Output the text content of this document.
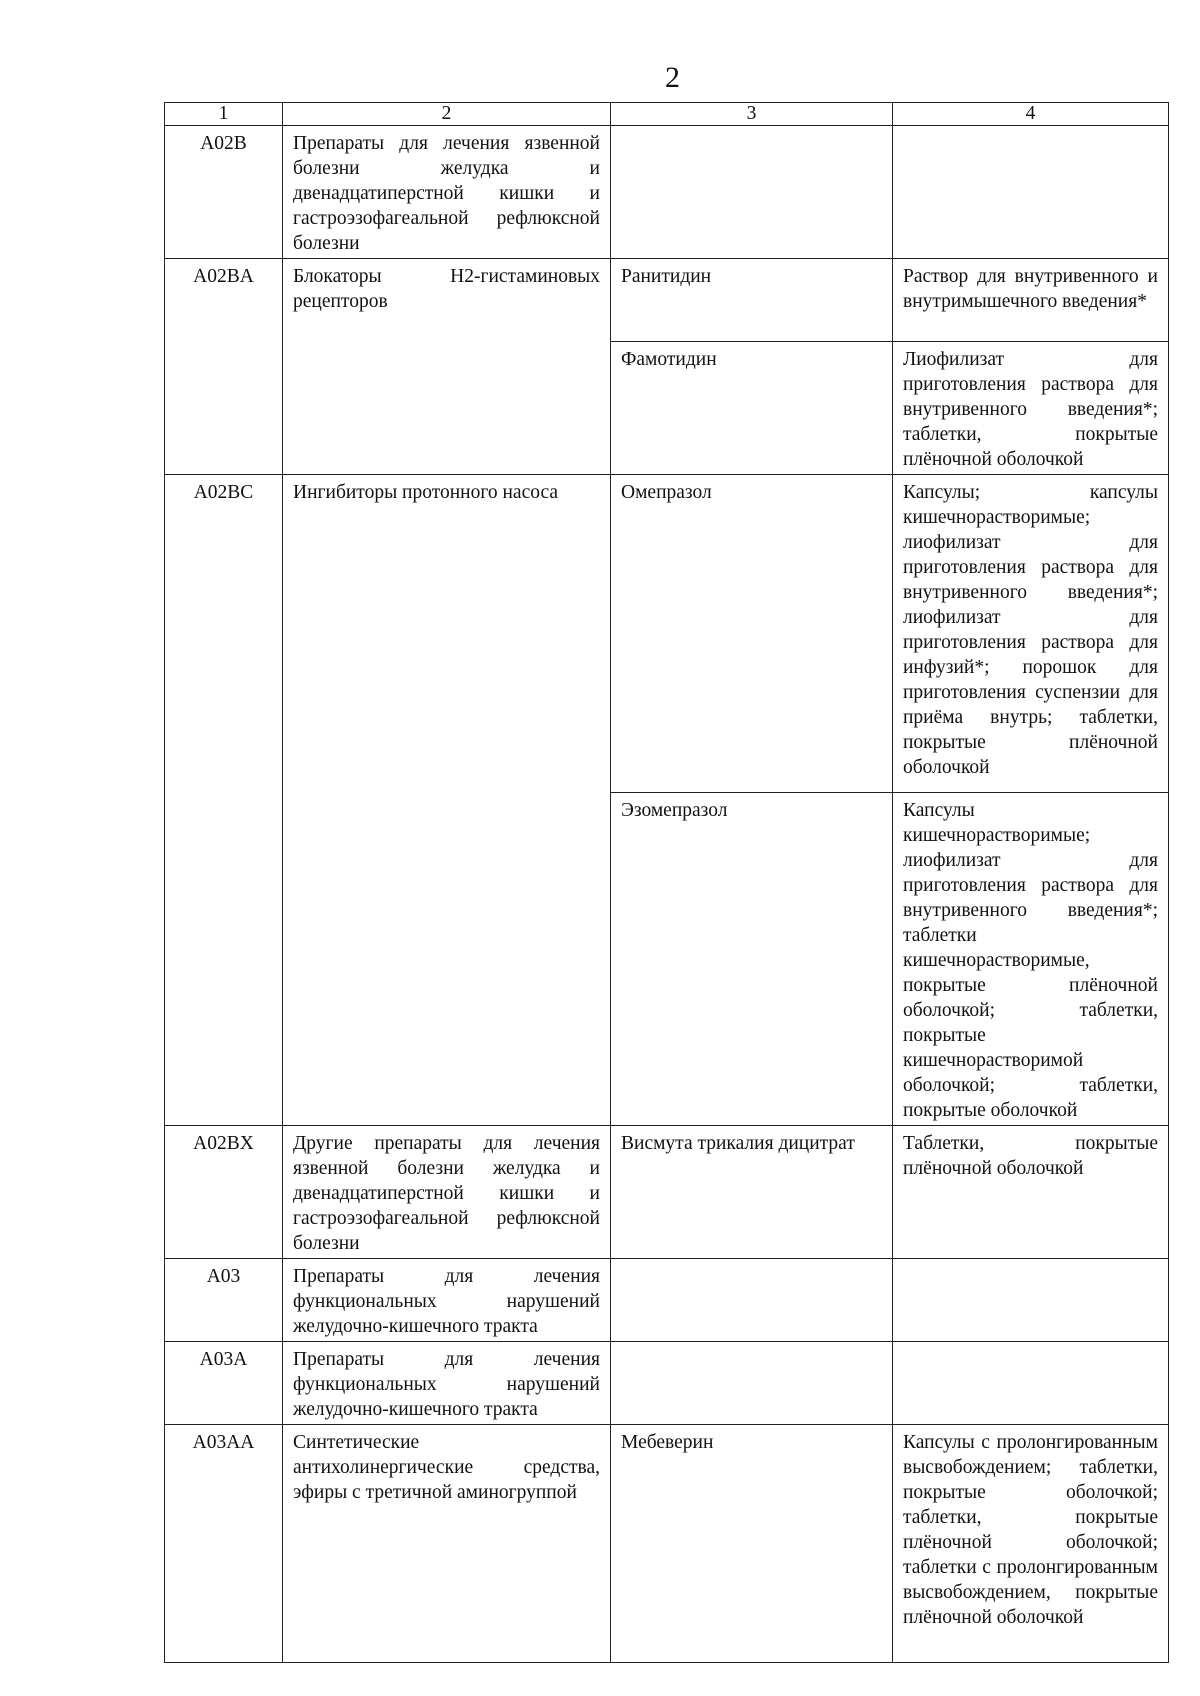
2
1	2	3	4
A02B	Препараты для лечения язвенной болезни желудка и двенадцатиперстной кишки и гастроэзофагеальной рефлюксной болезни		
A02BA	Блокаторы H2-гистаминовых рецепторов	Ранитидин	Раствор для внутривенного и внутримышечного введения*
		Фамотидин	Лиофилизат для приготовления раствора для внутривенного введения*; таблетки, покрытые плёночной оболочкой
A02BC	Ингибиторы протонного насоса	Омепразол	Капсулы; капсулы кишечнорастворимые; лиофилизат для приготовления раствора для внутривенного введения*; лиофилизат для приготовления раствора для инфузий*; порошок для приготовления суспензии для приёма внутрь; таблетки, покрытые плёночной оболочкой
		Эзомепразол	Капсулы кишечнорастворимые; лиофилизат для приготовления раствора для внутривенного введения*; таблетки кишечнорастворимые, покрытые плёночной оболочкой; таблетки, покрытые кишечнорастворимой оболочкой; таблетки, покрытые оболочкой
A02BX	Другие препараты для лечения язвенной болезни желудка и двенадцатиперстной кишки и гастроэзофагеальной рефлюксной болезни	Висмута трикалия дицитрат	Таблетки, покрытые плёночной оболочкой
A03	Препараты для лечения функциональных нарушений желудочно-кишечного тракта		
A03A	Препараты для лечения функциональных нарушений желудочно-кишечного тракта		
A03AA	Синтетические антихолинергические средства, эфиры с третичной аминогруппой	Мебеверин	Капсулы с пролонгированным высвобождением; таблетки, покрытые оболочкой; таблетки, покрытые плёночной оболочкой; таблетки с пролонгированным высвобождением, покрытые плёночной оболочкой
